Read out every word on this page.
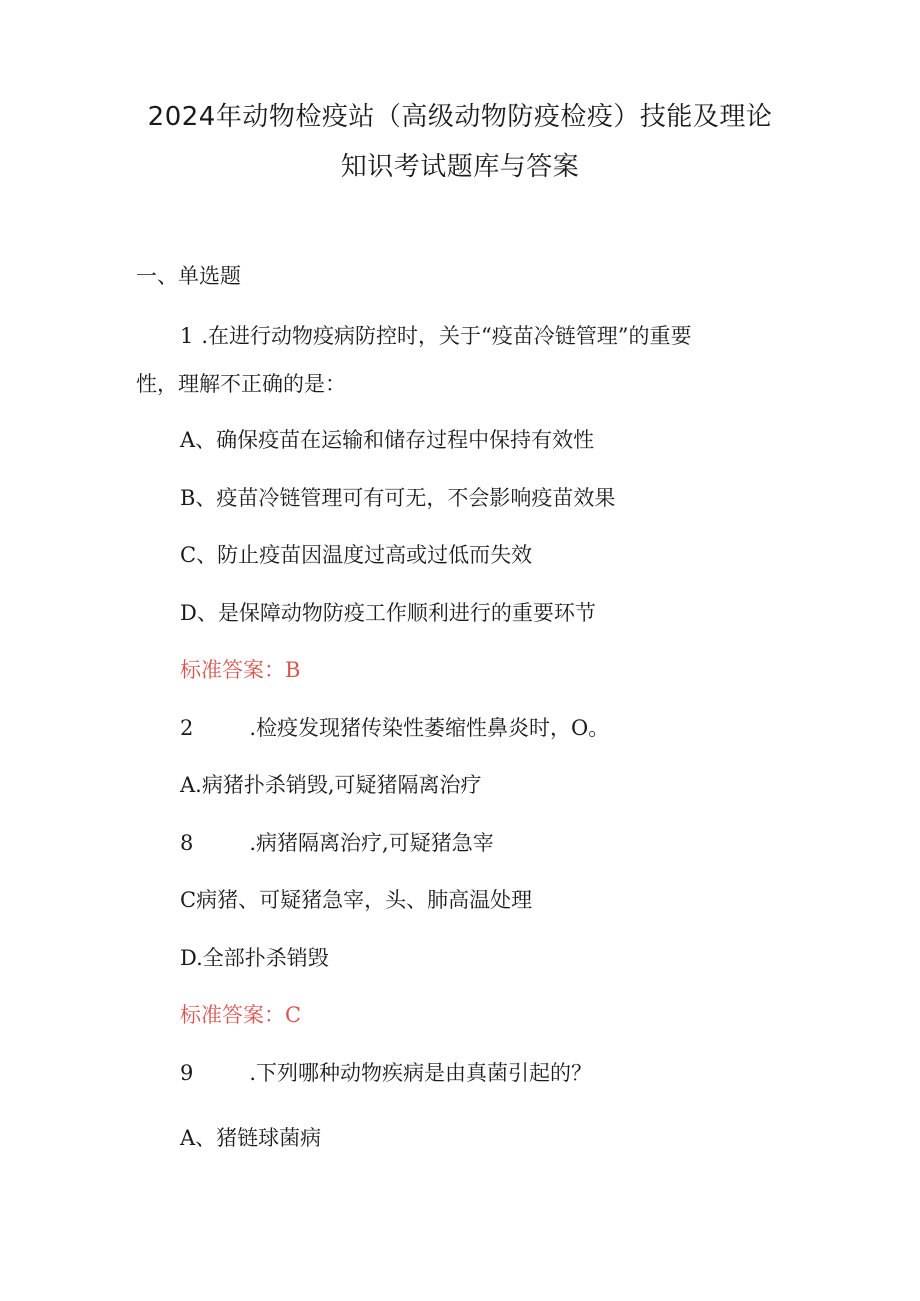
2024年动物检疫站（高级动物防疫检疫）技能及理论
知识考试题库与答案
一、单选题
1 .在进行动物疫病防控时，关于“疫苗冷链管理”的重要
性，理解不正确的是：
A、确保疫苗在运输和储存过程中保持有效性
B、疫苗冷链管理可有可无，不会影响疫苗效果
C、防止疫苗因温度过高或过低而失效
D、是保障动物防疫工作顺利进行的重要环节
标准答案：B
2	.检疫发现猪传染性萎缩性鼻炎时，O。
A.病猪扑杀销毁,可疑猪隔离治疗
8	.病猪隔离治疗,可疑猪急宰
C病猪、可疑猪急宰，头、肺高温处理
D.全部扑杀销毁
标准答案：C
9	.下列哪种动物疾病是由真菌引起的？
A、猪链球菌病
